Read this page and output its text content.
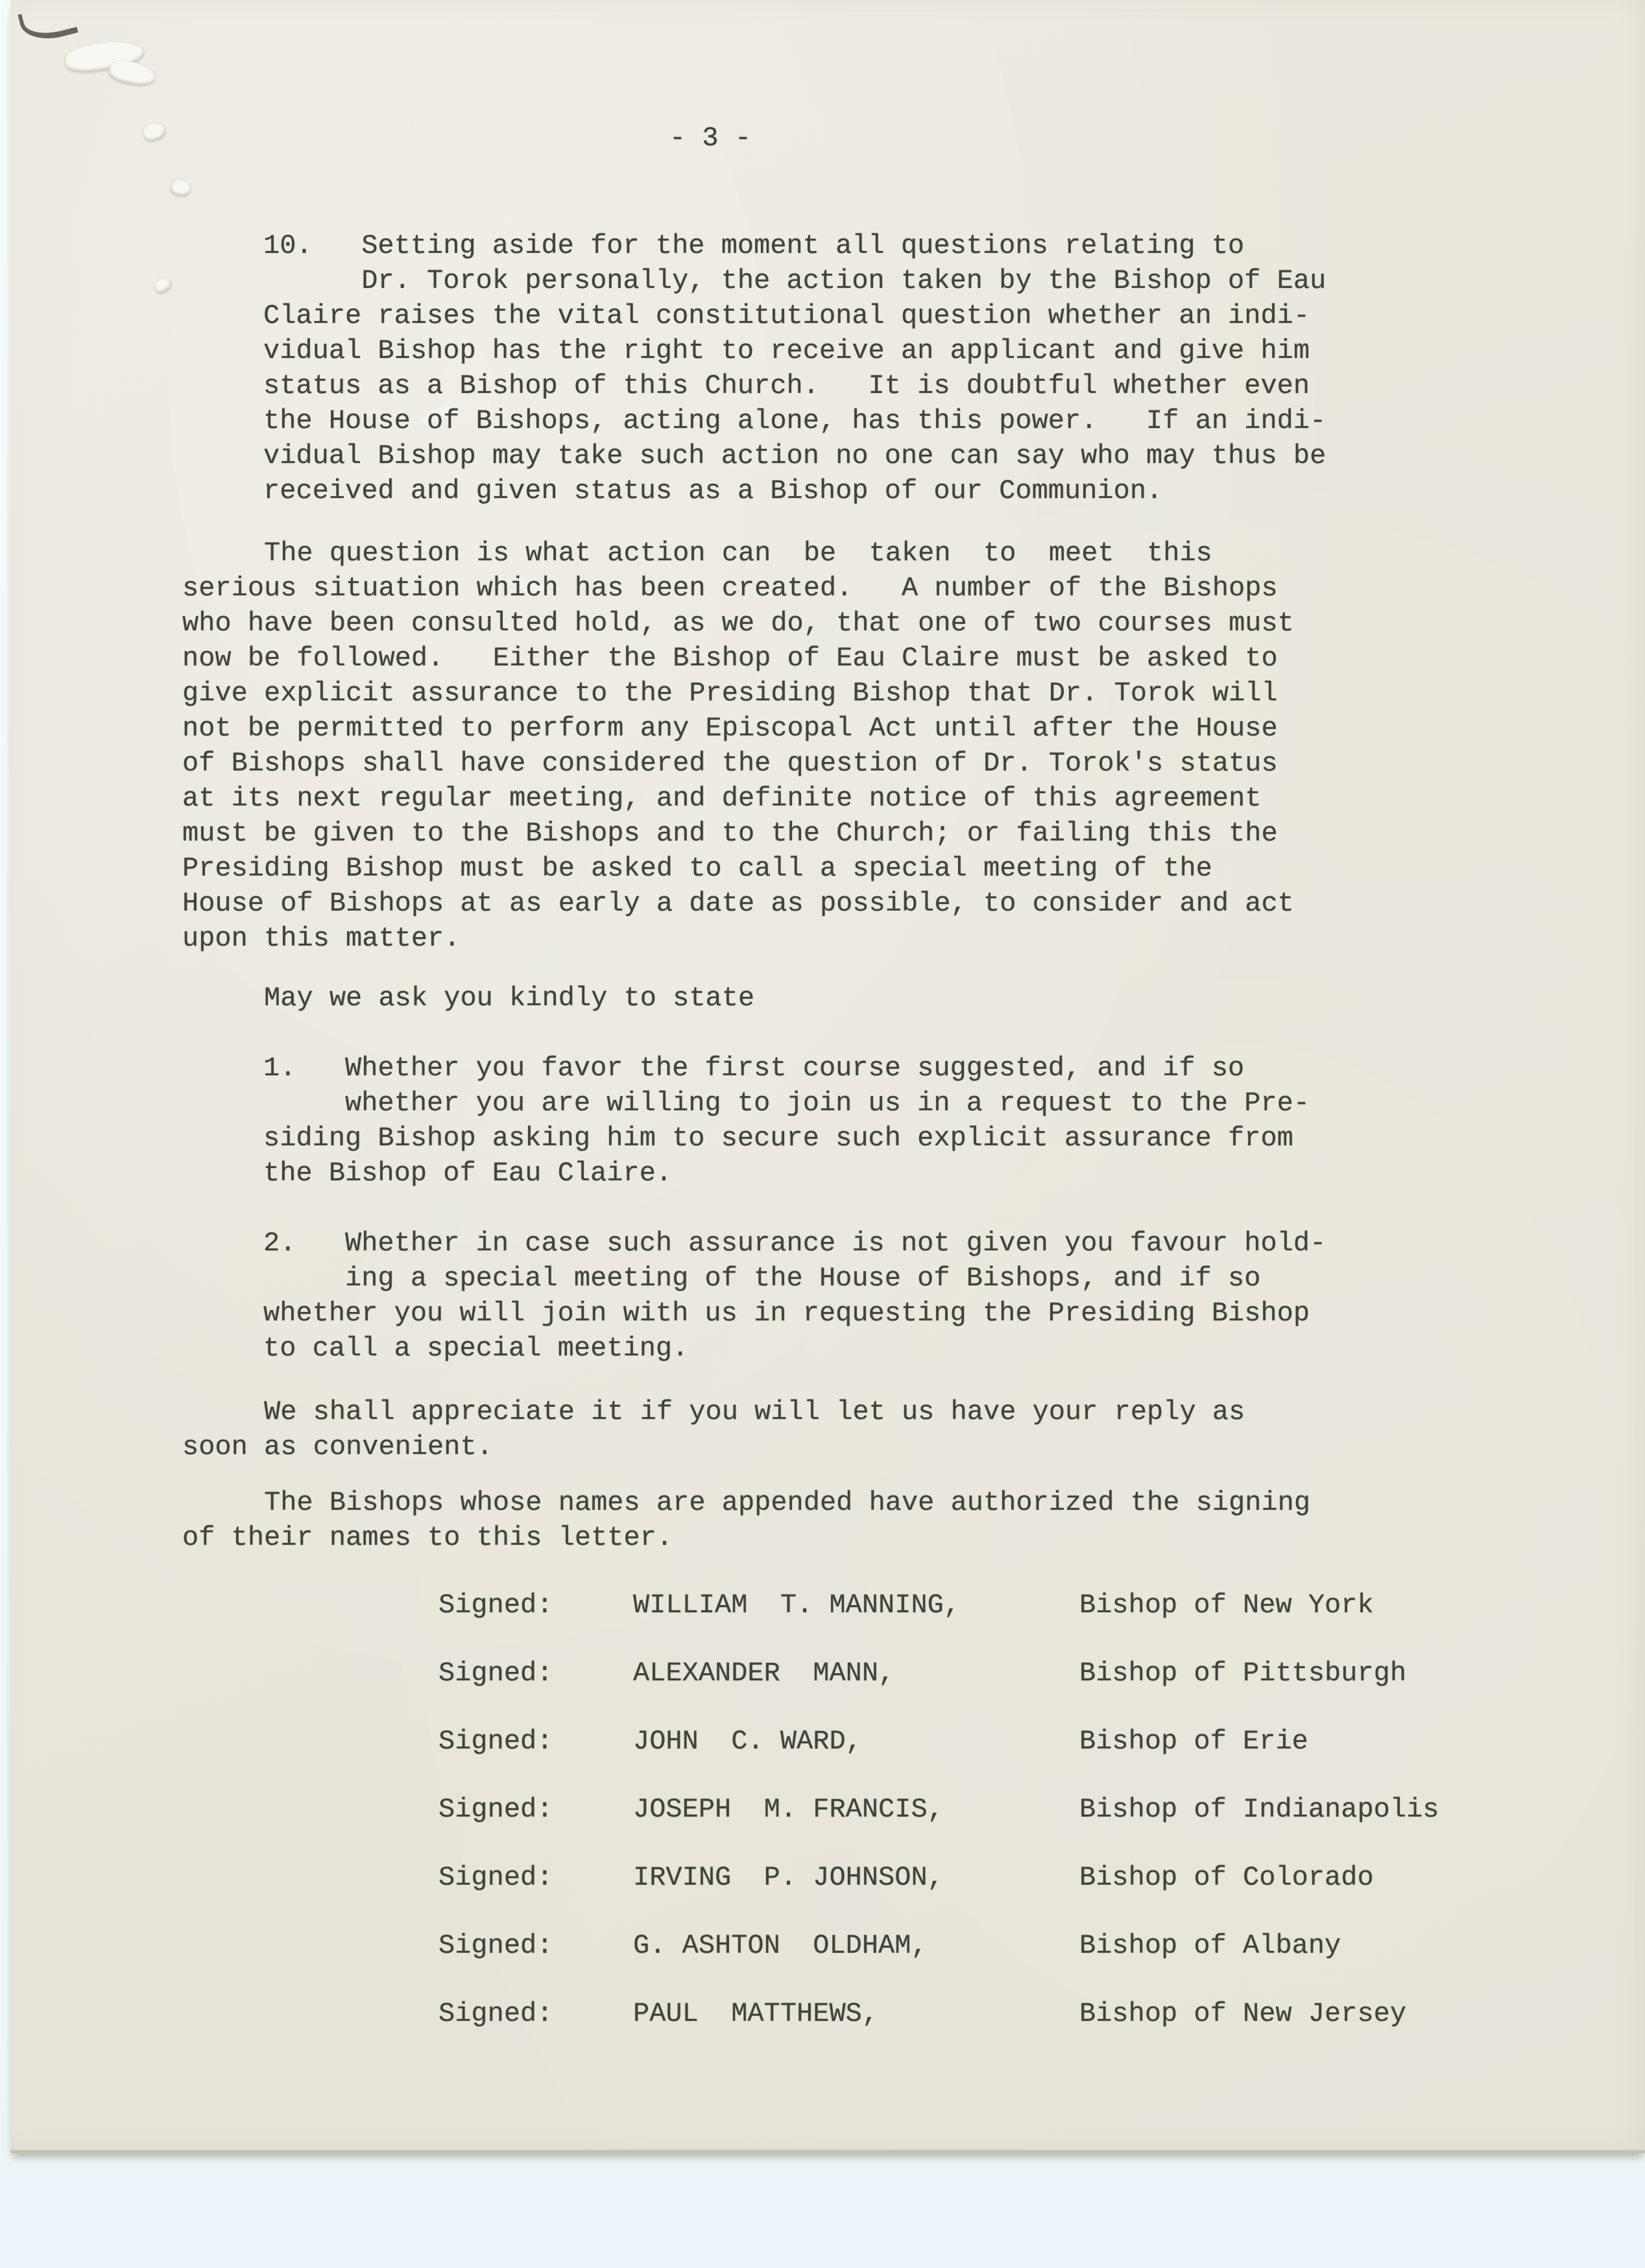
- 3 -
10.   Setting aside for the moment all questions relating to
Dr. Torok personally, the action taken by the Bishop of Eau
Claire raises the vital constitutional question whether an indi-
vidual Bishop has the right to receive an applicant and give him
status as a Bishop of this Church.   It is doubtful whether even
the House of Bishops, acting alone, has this power.   If an indi-
vidual Bishop may take such action no one can say who may thus be
received and given status as a Bishop of our Communion.
The question is what action can  be  taken  to  meet  this
serious situation which has been created.   A number of the Bishops
who have been consulted hold, as we do, that one of two courses must
now be followed.   Either the Bishop of Eau Claire must be asked to
give explicit assurance to the Presiding Bishop that Dr. Torok will
not be permitted to perform any Episcopal Act until after the House
of Bishops shall have considered the question of Dr. Torok's status
at its next regular meeting, and definite notice of this agreement
must be given to the Bishops and to the Church; or failing this the
Presiding Bishop must be asked to call a special meeting of the
House of Bishops at as early a date as possible, to consider and act
upon this matter.
May we ask you kindly to state
1.   Whether you favor the first course suggested, and if so
whether you are willing to join us in a request to the Pre-
siding Bishop asking him to secure such explicit assurance from
the Bishop of Eau Claire.
2.   Whether in case such assurance is not given you favour hold-
ing a special meeting of the House of Bishops, and if so
whether you will join with us in requesting the Presiding Bishop
to call a special meeting.
We shall appreciate it if you will let us have your reply as
soon as convenient.
The Bishops whose names are appended have authorized the signing
of their names to this letter.
Signed:	WILLIAM  T. MANNING,	Bishop of New York
Signed:	ALEXANDER  MANN,	Bishop of Pittsburgh
Signed:	JOHN  C. WARD,	Bishop of Erie
Signed:	JOSEPH  M. FRANCIS,	Bishop of Indianapolis
Signed:	IRVING  P. JOHNSON,	Bishop of Colorado
Signed:	G. ASHTON  OLDHAM,	Bishop of Albany
Signed:	PAUL  MATTHEWS,	Bishop of New Jersey
